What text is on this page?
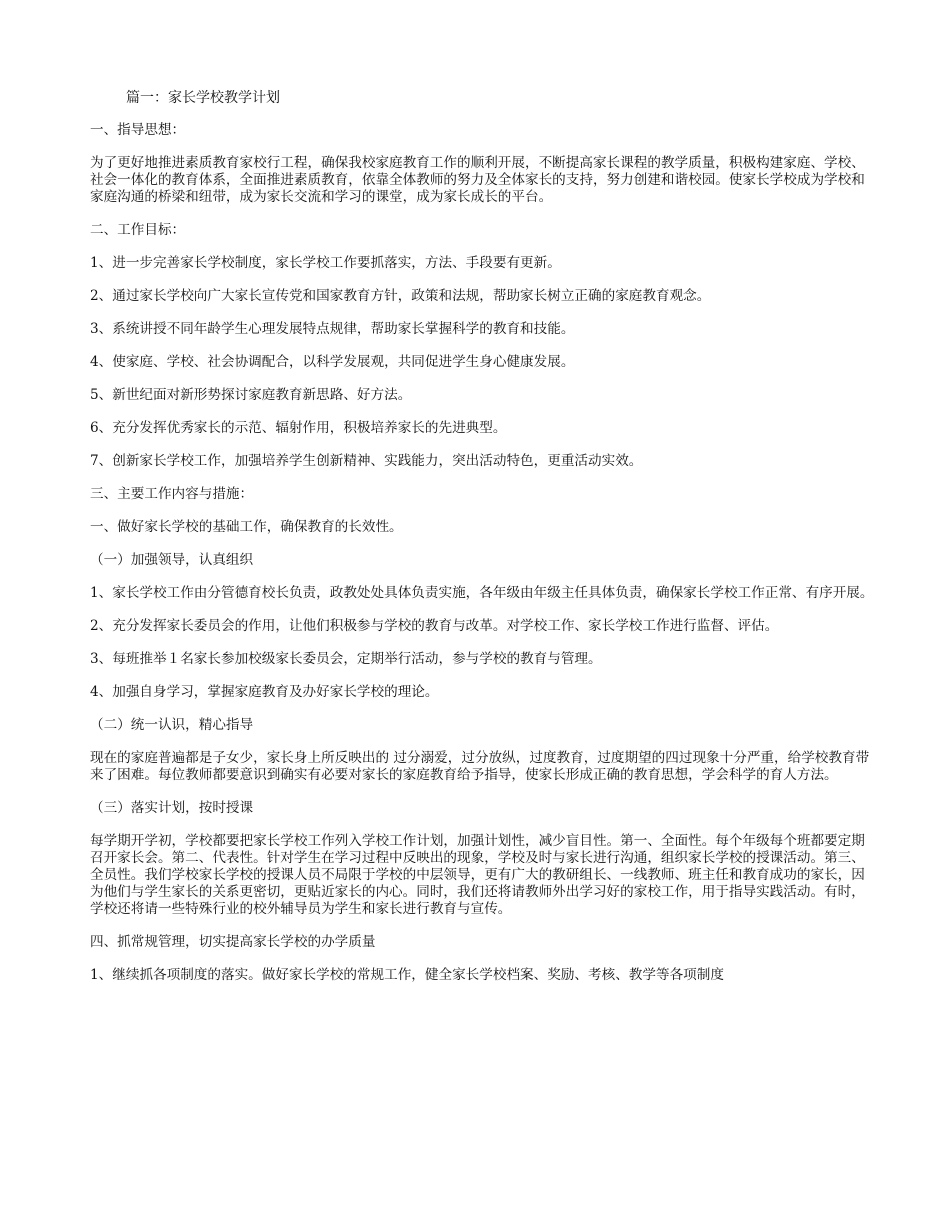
篇一：家长学校教学计划
一、指导思想：
为了更好地推进素质教育家校行工程，确保我校家庭教育工作的顺利开展，不断提高家长课程的教学质量，积极构建家庭、学校、社会一体化的教育体系，全面推进素质教育，依靠全体教师的努力及全体家长的支持，努力创建和谐校园。使家长学校成为学校和家庭沟通的桥梁和纽带，成为家长交流和学习的课堂，成为家长成长的平台。
二、工作目标：
1、进一步完善家长学校制度，家长学校工作要抓落实，方法、手段要有更新。
2、通过家长学校向广大家长宣传党和国家教育方针，政策和法规，帮助家长树立正确的家庭教育观念。
3、系统讲授不同年龄学生心理发展特点规律，帮助家长掌握科学的教育和技能。
4、使家庭、学校、社会协调配合，以科学发展观，共同促进学生身心健康发展。
5、新世纪面对新形势探讨家庭教育新思路、好方法。
6、充分发挥优秀家长的示范、辐射作用，积极培养家长的先进典型。
7、创新家长学校工作，加强培养学生创新精神、实践能力，突出活动特色，更重活动实效。
三、主要工作内容与措施：
一、做好家长学校的基础工作，确保教育的长效性。
（一）加强领导，认真组织
1、家长学校工作由分管德育校长负责，政教处处具体负责实施，各年级由年级主任具体负责，确保家长学校工作正常、有序开展。
2、充分发挥家长委员会的作用，让他们积极参与学校的教育与改革。对学校工作、家长学校工作进行监督、评估。
3、每班推举１名家长参加校级家长委员会，定期举行活动，参与学校的教育与管理。
4、加强自身学习，掌握家庭教育及办好家长学校的理论。
（二）统一认识，精心指导
现在的家庭普遍都是子女少，家长身上所反映出的 过分溺爱，过分放纵，过度教育，过度期望的四过现象十分严重，给学校教育带来了困难。每位教师都要意识到确实有必要对家长的家庭教育给予指导，使家长形成正确的教育思想，学会科学的育人方法。
（三）落实计划，按时授课
每学期开学初，学校都要把家长学校工作列入学校工作计划，加强计划性，减少盲目性。第一、全面性。每个年级每个班都要定期召开家长会。第二、代表性。针对学生在学习过程中反映出的现象，学校及时与家长进行沟通，组织家长学校的授课活动。第三、全员性。我们学校家长学校的授课人员不局限于学校的中层领导，更有广大的教研组长、一线教师、班主任和教育成功的家长，因为他们与学生家长的关系更密切，更贴近家长的内心。同时，我们还将请教师外出学习好的家校工作，用于指导实践活动。有时，学校还将请一些特殊行业的校外辅导员为学生和家长进行教育与宣传。
四、抓常规管理，切实提高家长学校的办学质量
1、继续抓各项制度的落实。做好家长学校的常规工作，健全家长学校档案、奖励、考核、教学等各项制度
